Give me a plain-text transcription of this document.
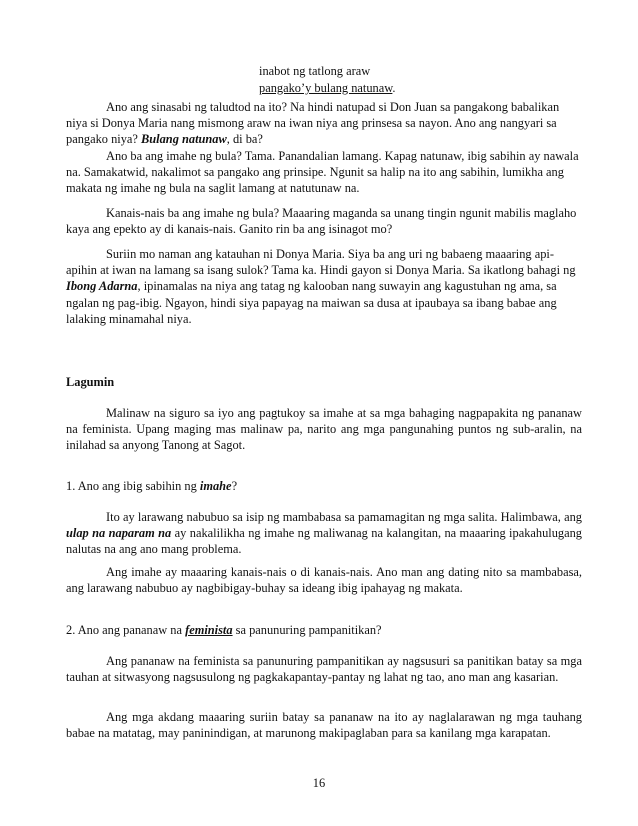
inabot ng tatlong araw
pangako’y bulang natunaw.

Ano ang sinasabi ng taludtod na ito? Na hindi natupad si Don Juan sa pangakong babalikan niya si Donya Maria nang mismong araw na iwan niya ang prinsesa sa nayon. Ano ang nangyari sa pangako niya? Bulang natunaw, di ba?

Ano ba ang imahe ng bula? Tama. Panandalian lamang. Kapag natunaw, ibig sabihin ay nawala na. Samakatwid, nakalimot sa pangako ang prinsipe. Ngunit sa halip na ito ang sabihin, lumikha ang makata ng imahe ng bula na saglit lamang at natutunaw na.

Kanais-nais ba ang imahe ng bula? Maaaring maganda sa unang tingin ngunit mabilis maglaho kaya ang epekto ay di kanais-nais. Ganito rin ba ang isinagot mo?

Suriin mo naman ang katauhan ni Donya Maria. Siya ba ang uri ng babaeng maaaring api-apihin at iwan na lamang sa isang sulok? Tama ka. Hindi gayon si Donya Maria. Sa ikatlong bahagi ng Ibong Adarna, ipinamalas na niya ang tatag ng kalooban nang suwayin ang kagustuhan ng ama, sa ngalan ng pag-ibig. Ngayon, hindi siya papayag na maiwan sa dusa at ipaubaya sa ibang babae ang lalaking minamahal niya.

Lagumin

Malinaw na siguro sa iyo ang pagtukoy sa imahe at sa mga bahaging nagpapakita ng pananaw na feminista. Upang maging mas malinaw pa, narito ang mga pangunahing puntos ng sub-aralin, na inilahad sa anyong Tanong at Sagot.

1. Ano ang ibig sabihin ng imahe?

Ito ay larawang nabubuo sa isip ng mambabasa sa pamamagitan ng mga salita. Halimbawa, ang ulap na naparam na ay nakalilikha ng imahe ng maliwanag na kalangitan, na maaaring ipakahulugang nalutas na ang ano mang problema.

Ang imahe ay maaaring kanais-nais o di kanais-nais. Ano man ang dating nito sa mambabasa, ang larawang nabubuo ay nagbibigay-buhay sa ideang ibig ipahayag ng makata.

2. Ano ang pananaw na feminista sa panunuring pampanitikan?

Ang pananaw na feminista sa panunuring pampanitikan ay nagsusuri sa panitikan batay sa mga tauhan at sitwasyong nagsusulong ng pagkakapantay-pantay ng lahat ng tao, ano man ang kasarian.

Ang mga akdang maaaring suriin batay sa pananaw na ito ay naglalarawan ng mga tauhang babae na matatag, may paninindigan, at marunong makipaglaban para sa kanilang mga karapatan.

16
